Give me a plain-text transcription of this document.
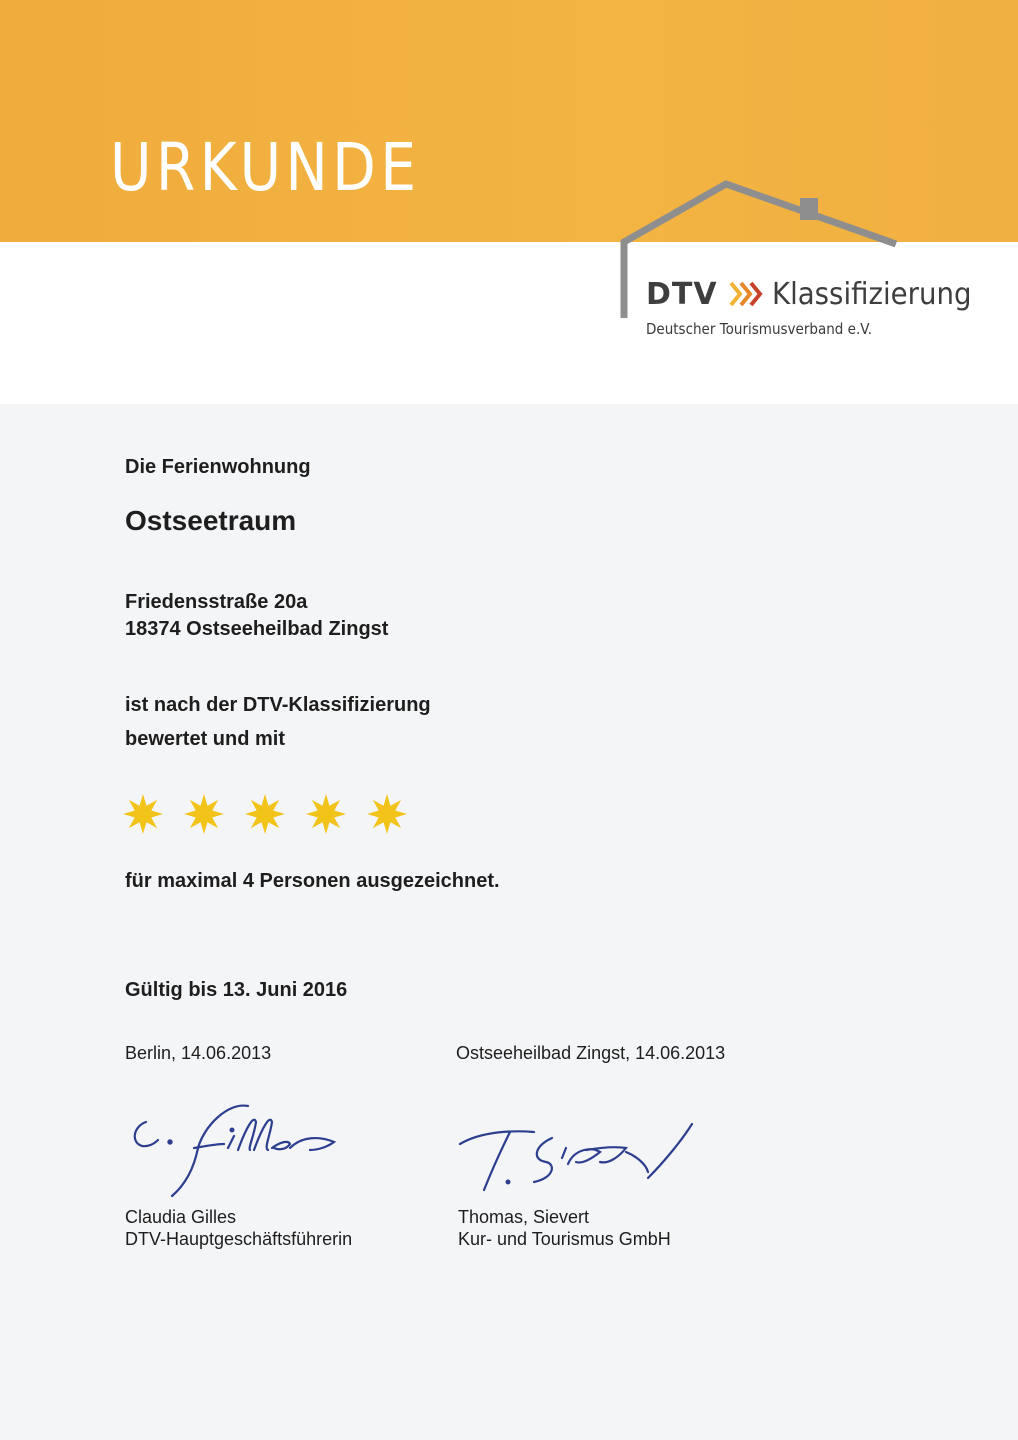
URKUNDE
DTV Klassifizierung
Deutscher Tourismusverband e.V.
Die Ferienwohnung
Ostseetraum
Friedensstraße 20a
18374 Ostseeheilbad Zingst
ist nach der DTV-Klassifizierung
bewertet und mit
für maximal 4 Personen ausgezeichnet.
Gültig bis 13. Juni 2016
Berlin, 14.06.2013	Ostseeheilbad Zingst, 14.06.2013
Claudia Gilles
DTV-Hauptgeschäftsführerin
Thomas, Sievert
Kur- und Tourismus GmbH
